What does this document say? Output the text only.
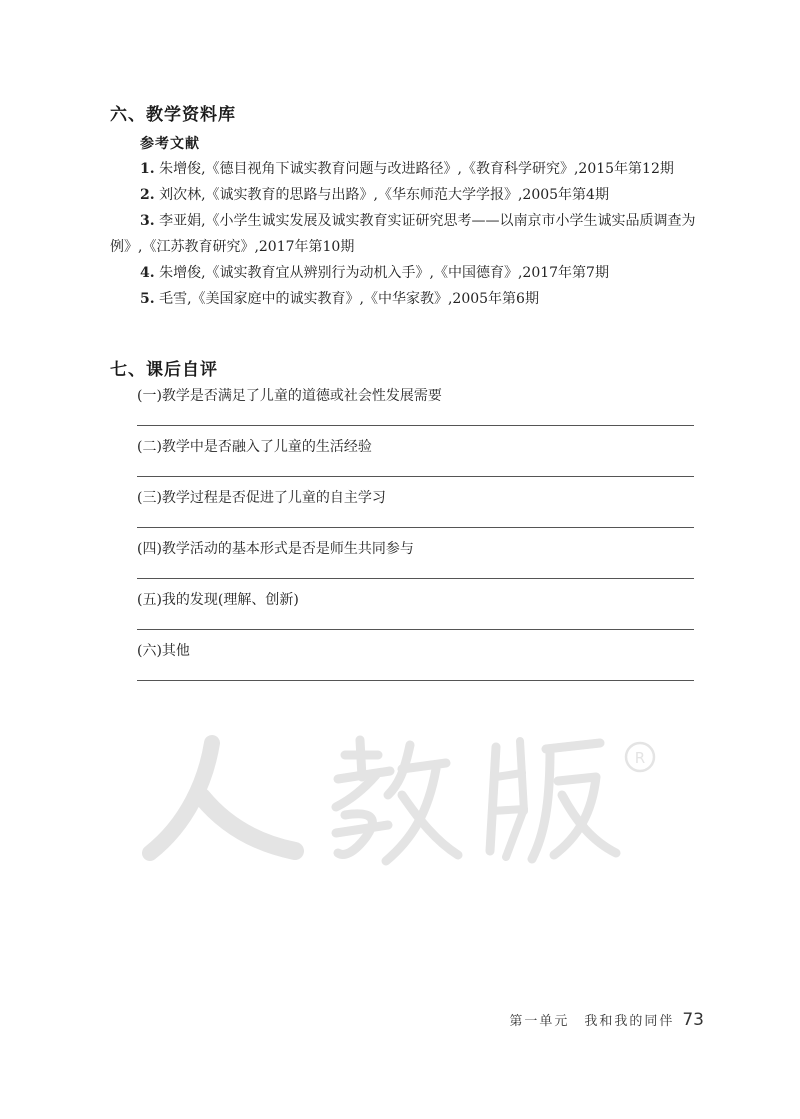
六、教学资料库
参考文献

1. 朱增俊,《德目视角下诚实教育问题与改进路径》,《教育科学研究》,2015年第12期

2. 刘次林,《诚实教育的思路与出路》,《华东师范大学学报》,2005年第4期

3. 李亚娟,《小学生诚实发展及诚实教育实证研究思考——以南京市小学生诚实品质调查为例》,《江苏教育研究》,2017年第10期

4. 朱增俊,《诚实教育宜从辨别行为动机入手》,《中国德育》,2017年第7期

5. 毛雪,《美国家庭中的诚实教育》,《中华家教》,2005年第6期

七、课后自评
(一)教学是否满足了儿童的道德或社会性发展需要
(二)教学中是否融入了儿童的生活经验
(三)教学过程是否促进了儿童的自主学习
(四)教学活动的基本形式是否是师生共同参与
(五)我的发现(理解、创新)
(六)其他
R
第一单元　我和我的同伴 73
